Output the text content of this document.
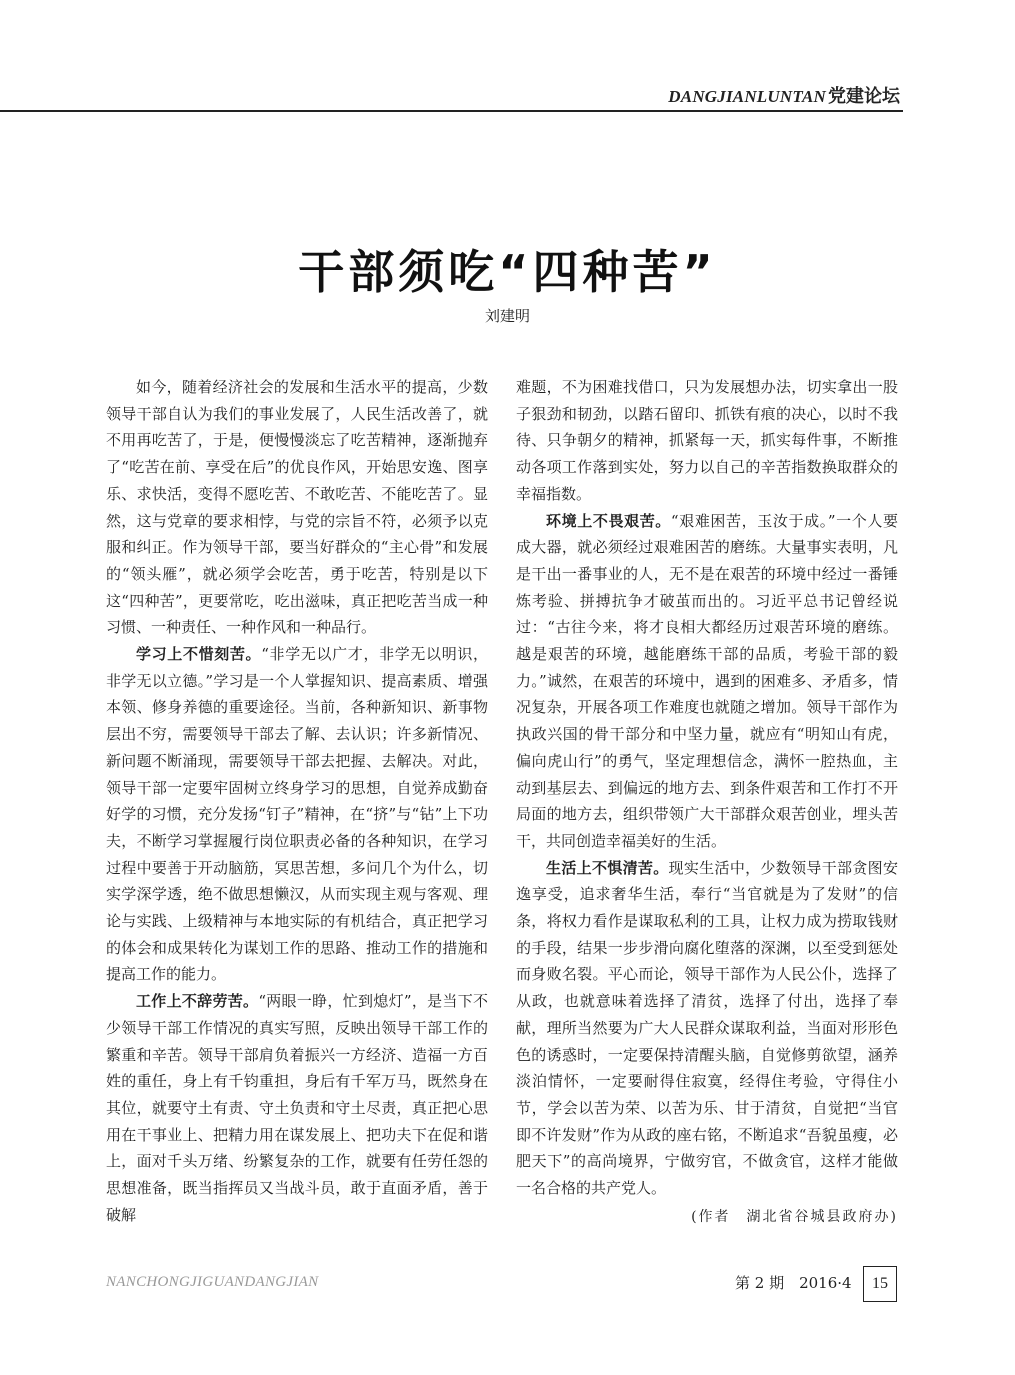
DANGJIANLUNTAN 党建论坛
干部须吃“四种苦”
刘建明

如今，随着经济社会的发展和生活水平的提高，少数领导干部自认为我们的事业发展了，人民生活改善了，就不用再吃苦了，于是，便慢慢淡忘了吃苦精神，逐渐抛弃了“吃苦在前、享受在后”的优良作风，开始思安逸、图享乐、求快活，变得不愿吃苦、不敢吃苦、不能吃苦了。显然，这与党章的要求相悖，与党的宗旨不符，必须予以克服和纠正。作为领导干部，要当好群众的“主心骨”和发展的“领头雁”，就必须学会吃苦，勇于吃苦，特别是以下这“四种苦”，更要常吃，吃出滋味，真正把吃苦当成一种习惯、一种责任、一种作风和一种品行。

学习上不惜刻苦。“非学无以广才，非学无以明识，非学无以立德。”学习是一个人掌握知识、提高素质、增强本领、修身养德的重要途径。当前，各种新知识、新事物层出不穷，需要领导干部去了解、去认识；许多新情况、新问题不断涌现，需要领导干部去把握、去解决。对此，领导干部一定要牢固树立终身学习的思想，自觉养成勤奋好学的习惯，充分发扬“钉子”精神，在“挤”与“钻”上下功夫，不断学习掌握履行岗位职责必备的各种知识，在学习过程中要善于开动脑筋，冥思苦想，多问几个为什么，切实学深学透，绝不做思想懒汉，从而实现主观与客观、理论与实践、上级精神与本地实际的有机结合，真正把学习的体会和成果转化为谋划工作的思路、推动工作的措施和提高工作的能力。

工作上不辞劳苦。“两眼一睁，忙到熄灯”，是当下不少领导干部工作情况的真实写照，反映出领导干部工作的繁重和辛苦。领导干部肩负着振兴一方经济、造福一方百姓的重任，身上有千钧重担，身后有千军万马，既然身在其位，就要守土有责、守土负责和守土尽责，真正把心思用在干事业上、把精力用在谋发展上、把功夫下在促和谐上，面对千头万绪、纷繁复杂的工作，就要有任劳任怨的思想准备，既当指挥员又当战斗员，敢于直面矛盾，善于破解

难题，不为困难找借口，只为发展想办法，切实拿出一股子狠劲和韧劲，以踏石留印、抓铁有痕的决心，以时不我待、只争朝夕的精神，抓紧每一天，抓实每件事，不断推动各项工作落到实处，努力以自己的辛苦指数换取群众的幸福指数。

环境上不畏艰苦。“艰难困苦，玉汝于成。”一个人要成大器，就必须经过艰难困苦的磨练。大量事实表明，凡是干出一番事业的人，无不是在艰苦的环境中经过一番锤炼考验、拼搏抗争才破茧而出的。习近平总书记曾经说过：“古往今来，将才良相大都经历过艰苦环境的磨练。越是艰苦的环境，越能磨练干部的品质，考验干部的毅力。”诚然，在艰苦的环境中，遇到的困难多、矛盾多，情况复杂，开展各项工作难度也就随之增加。领导干部作为执政兴国的骨干部分和中坚力量，就应有“明知山有虎，偏向虎山行”的勇气，坚定理想信念，满怀一腔热血，主动到基层去、到偏远的地方去、到条件艰苦和工作打不开局面的地方去，组织带领广大干部群众艰苦创业，埋头苦干，共同创造幸福美好的生活。

生活上不惧清苦。现实生活中，少数领导干部贪图安逸享受，追求奢华生活，奉行“当官就是为了发财”的信条，将权力看作是谋取私利的工具，让权力成为捞取钱财的手段，结果一步步滑向腐化堕落的深渊，以至受到惩处而身败名裂。平心而论，领导干部作为人民公仆，选择了从政，也就意味着选择了清贫，选择了付出，选择了奉献，理所当然要为广大人民群众谋取利益，当面对形形色色的诱惑时，一定要保持清醒头脑，自觉修剪欲望，涵养淡泊情怀，一定要耐得住寂寞，经得住考验，守得住小节，学会以苦为荣、以苦为乐、甘于清贫，自觉把“当官即不许发财”作为从政的座右铭，不断追求“吾貌虽瘦，必肥天下”的高尚境界，宁做穷官，不做贪官，这样才能做一名合格的共产党人。

(作者　湖北省谷城县政府办)
NANCHONGJIGUANDANGJIAN	第 2 期　2016·4	15
